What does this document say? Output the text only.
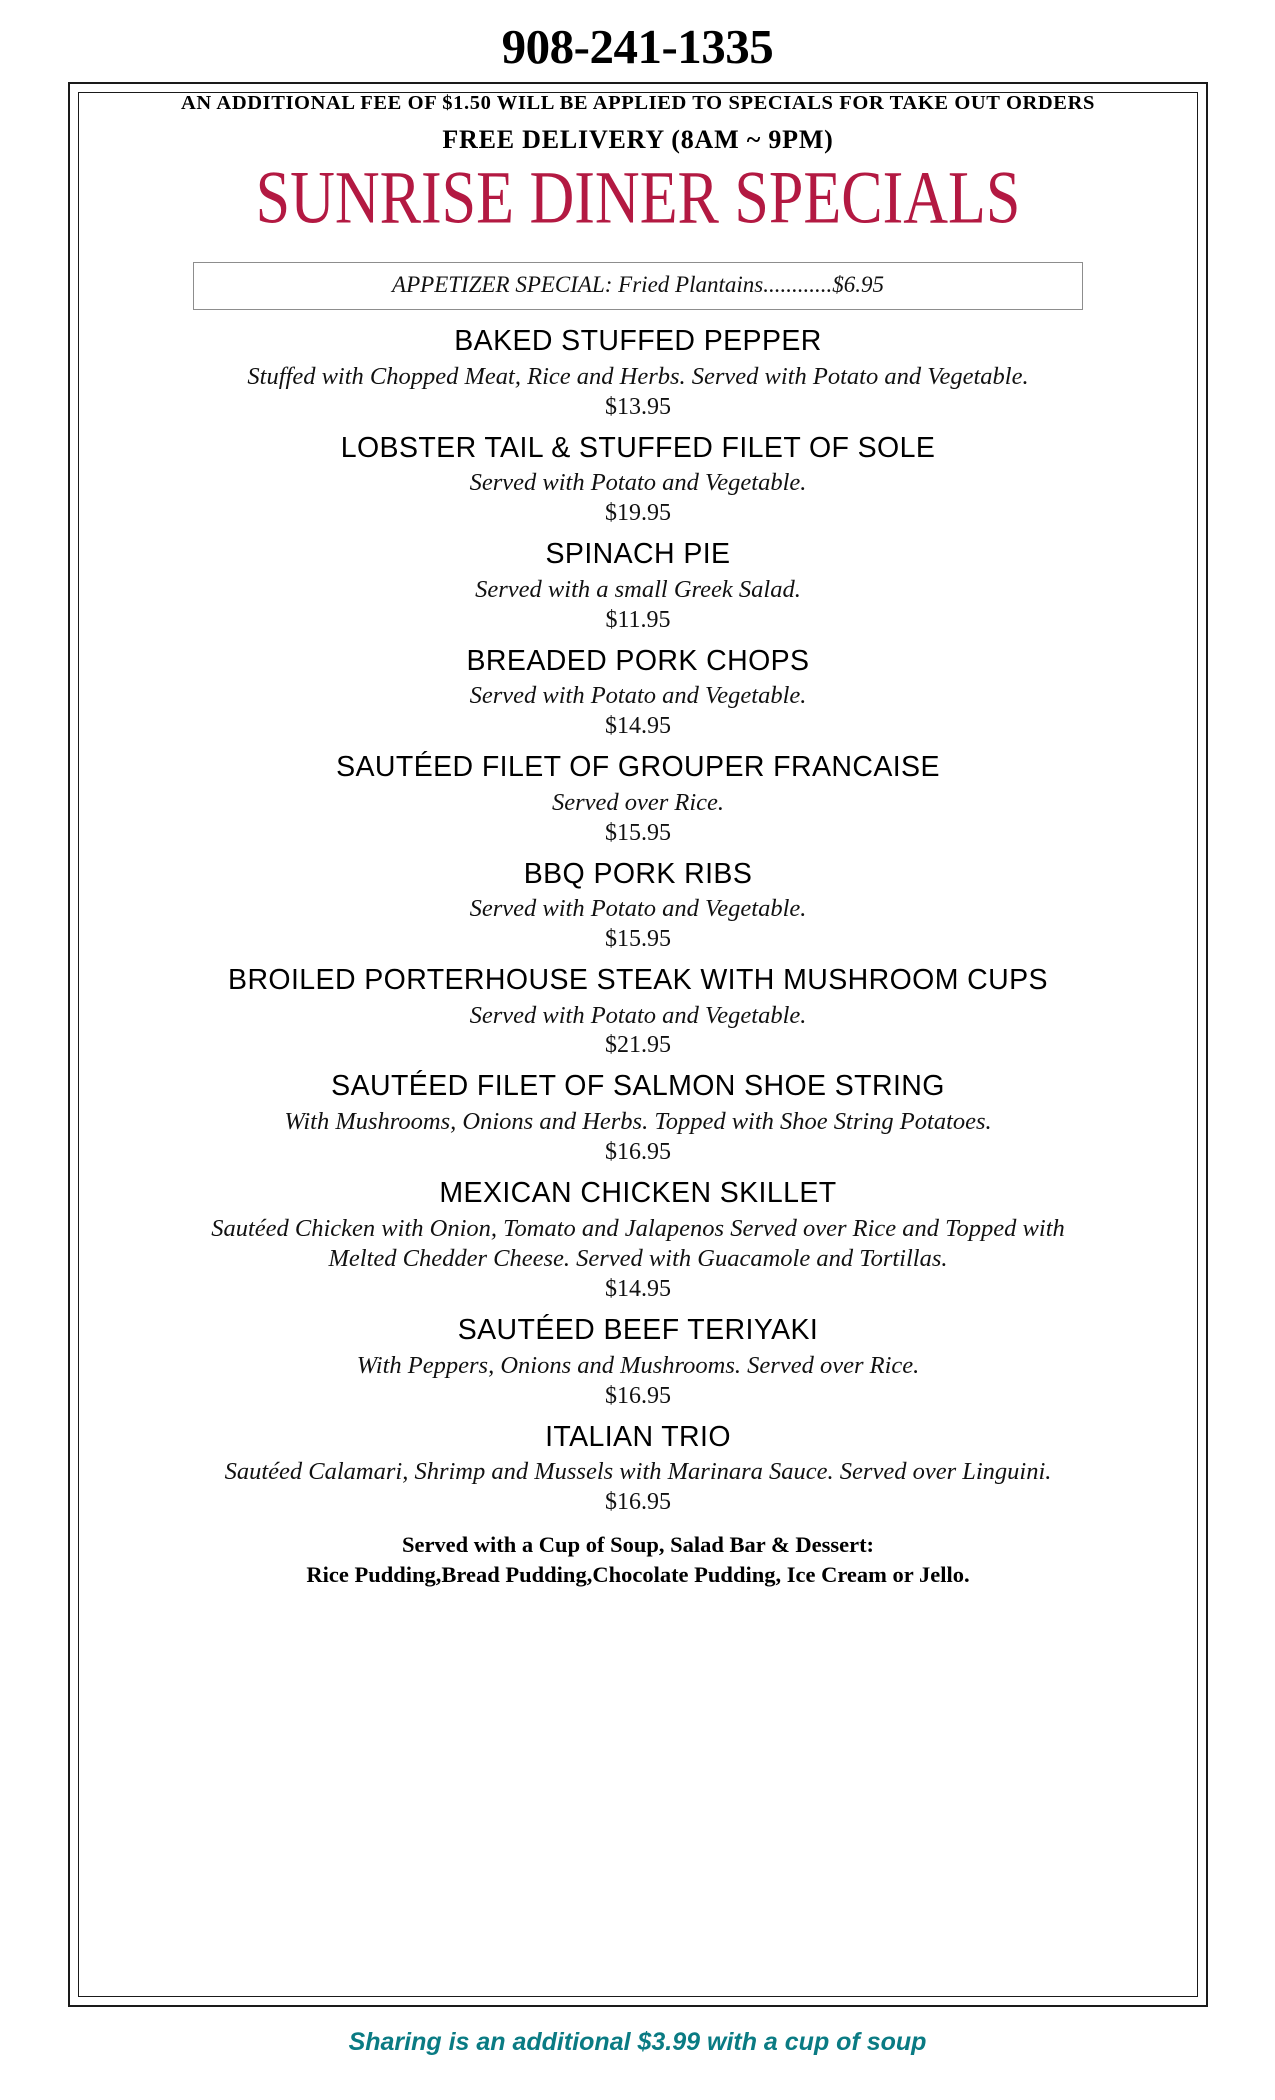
908-241-1335
AN ADDITIONAL FEE OF $1.50 WILL BE APPLIED TO SPECIALS FOR TAKE OUT ORDERS
FREE DELIVERY (8AM ~ 9PM)
SUNRISE DINER SPECIALS
APPETIZER SPECIAL: Fried Plantains............$6.95
BAKED STUFFED PEPPER
Stuffed with Chopped Meat, Rice and Herbs. Served with Potato and Vegetable.
$13.95
LOBSTER TAIL & STUFFED FILET OF SOLE
Served with Potato and Vegetable.
$19.95
SPINACH PIE
Served with a small Greek Salad.
$11.95
BREADED PORK CHOPS
Served with Potato and Vegetable.
$14.95
SAUTÉED FILET OF GROUPER FRANCAISE
Served over Rice.
$15.95
BBQ PORK RIBS
Served with Potato and Vegetable.
$15.95
BROILED PORTERHOUSE STEAK WITH MUSHROOM CUPS
Served with Potato and Vegetable.
$21.95
SAUTÉED FILET OF SALMON SHOE STRING
With Mushrooms, Onions and Herbs. Topped with Shoe String Potatoes.
$16.95
MEXICAN CHICKEN SKILLET
Sautéed Chicken with Onion, Tomato and Jalapenos Served over Rice and Topped with Melted Chedder Cheese. Served with Guacamole and Tortillas.
$14.95
SAUTÉED BEEF TERIYAKI
With Peppers, Onions and Mushrooms. Served over Rice.
$16.95
ITALIAN TRIO
Sautéed Calamari, Shrimp and Mussels with Marinara Sauce. Served over Linguini.
$16.95
Served with a Cup of Soup, Salad Bar & Dessert:
Rice Pudding,Bread Pudding,Chocolate Pudding, Ice Cream or Jello.
Sharing is an additional $3.99 with a cup of soup
